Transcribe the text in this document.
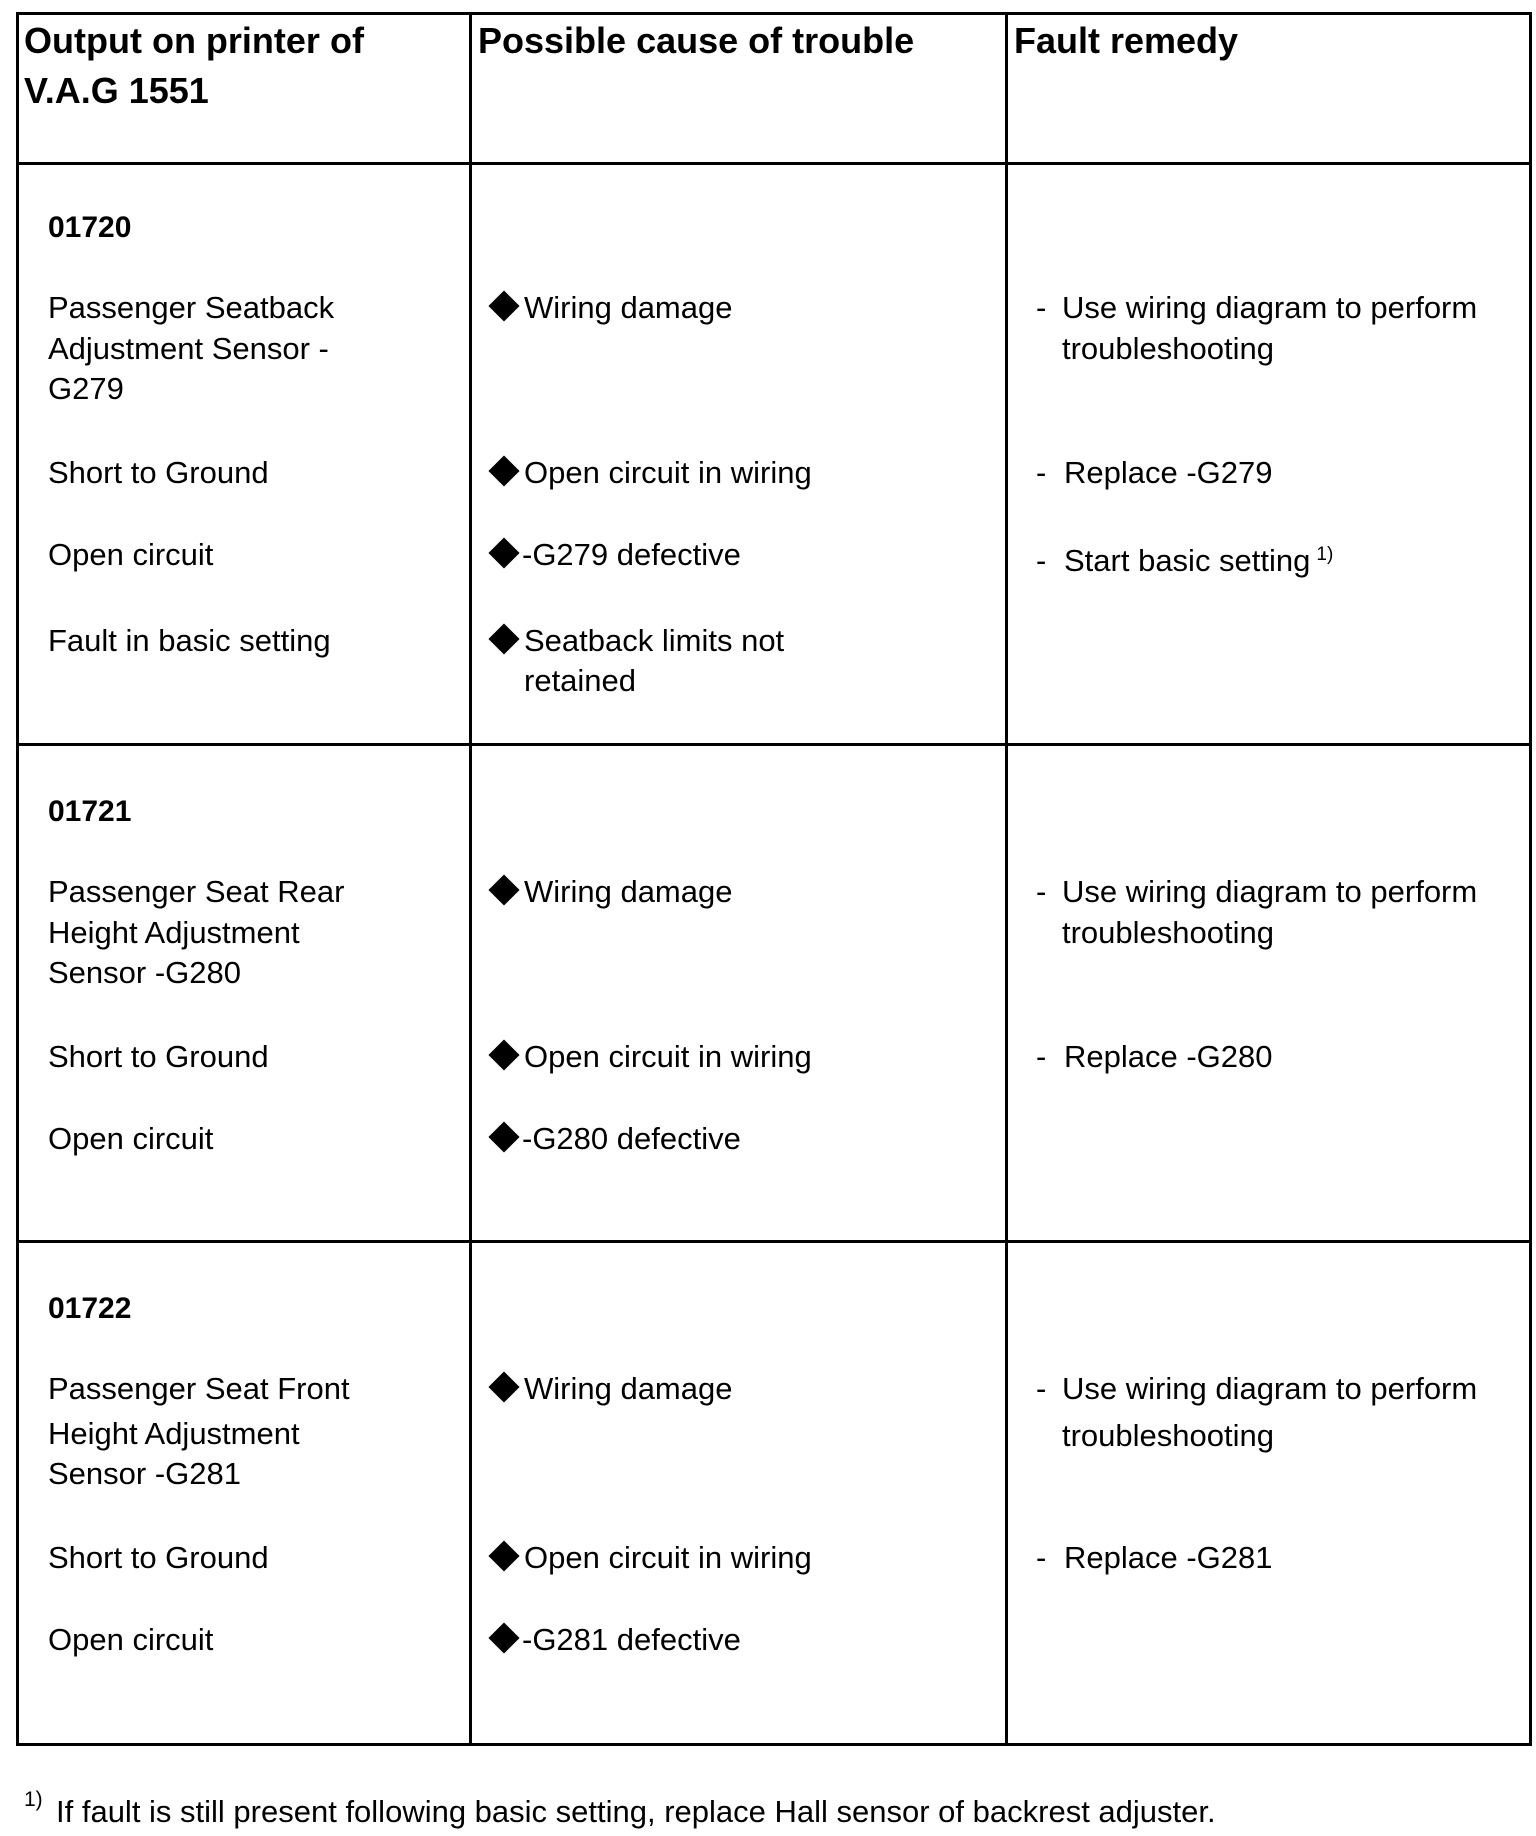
Output on printer of
V.A.G 1551
Possible cause of trouble	Fault remedy
01720
Passenger Seatback
Adjustment Sensor -
G279
Short to Ground
Open circuit
Fault in basic setting
Wiring damage
Open circuit in wiring
-G279 defective
Seatback limits not
retained
- Use wiring diagram to perform
troubleshooting
- Replace -G279
- Start basic setting $^{1)}$
01721
Passenger Seat Rear
Height Adjustment
Sensor -G280
Short to Ground
Open circuit
Wiring damage
Open circuit in wiring
-G280 defective
- Use wiring diagram to perform
troubleshooting
- Replace -G280
01722
Passenger Seat Front
Height Adjustment
Sensor -G281
Short to Ground
Open circuit
Wiring damage
Open circuit in wiring
-G281 defective
- Use wiring diagram to perform
troubleshooting
- Replace -G281
1) If fault is still present following basic setting, replace Hall sensor of backrest adjuster.
